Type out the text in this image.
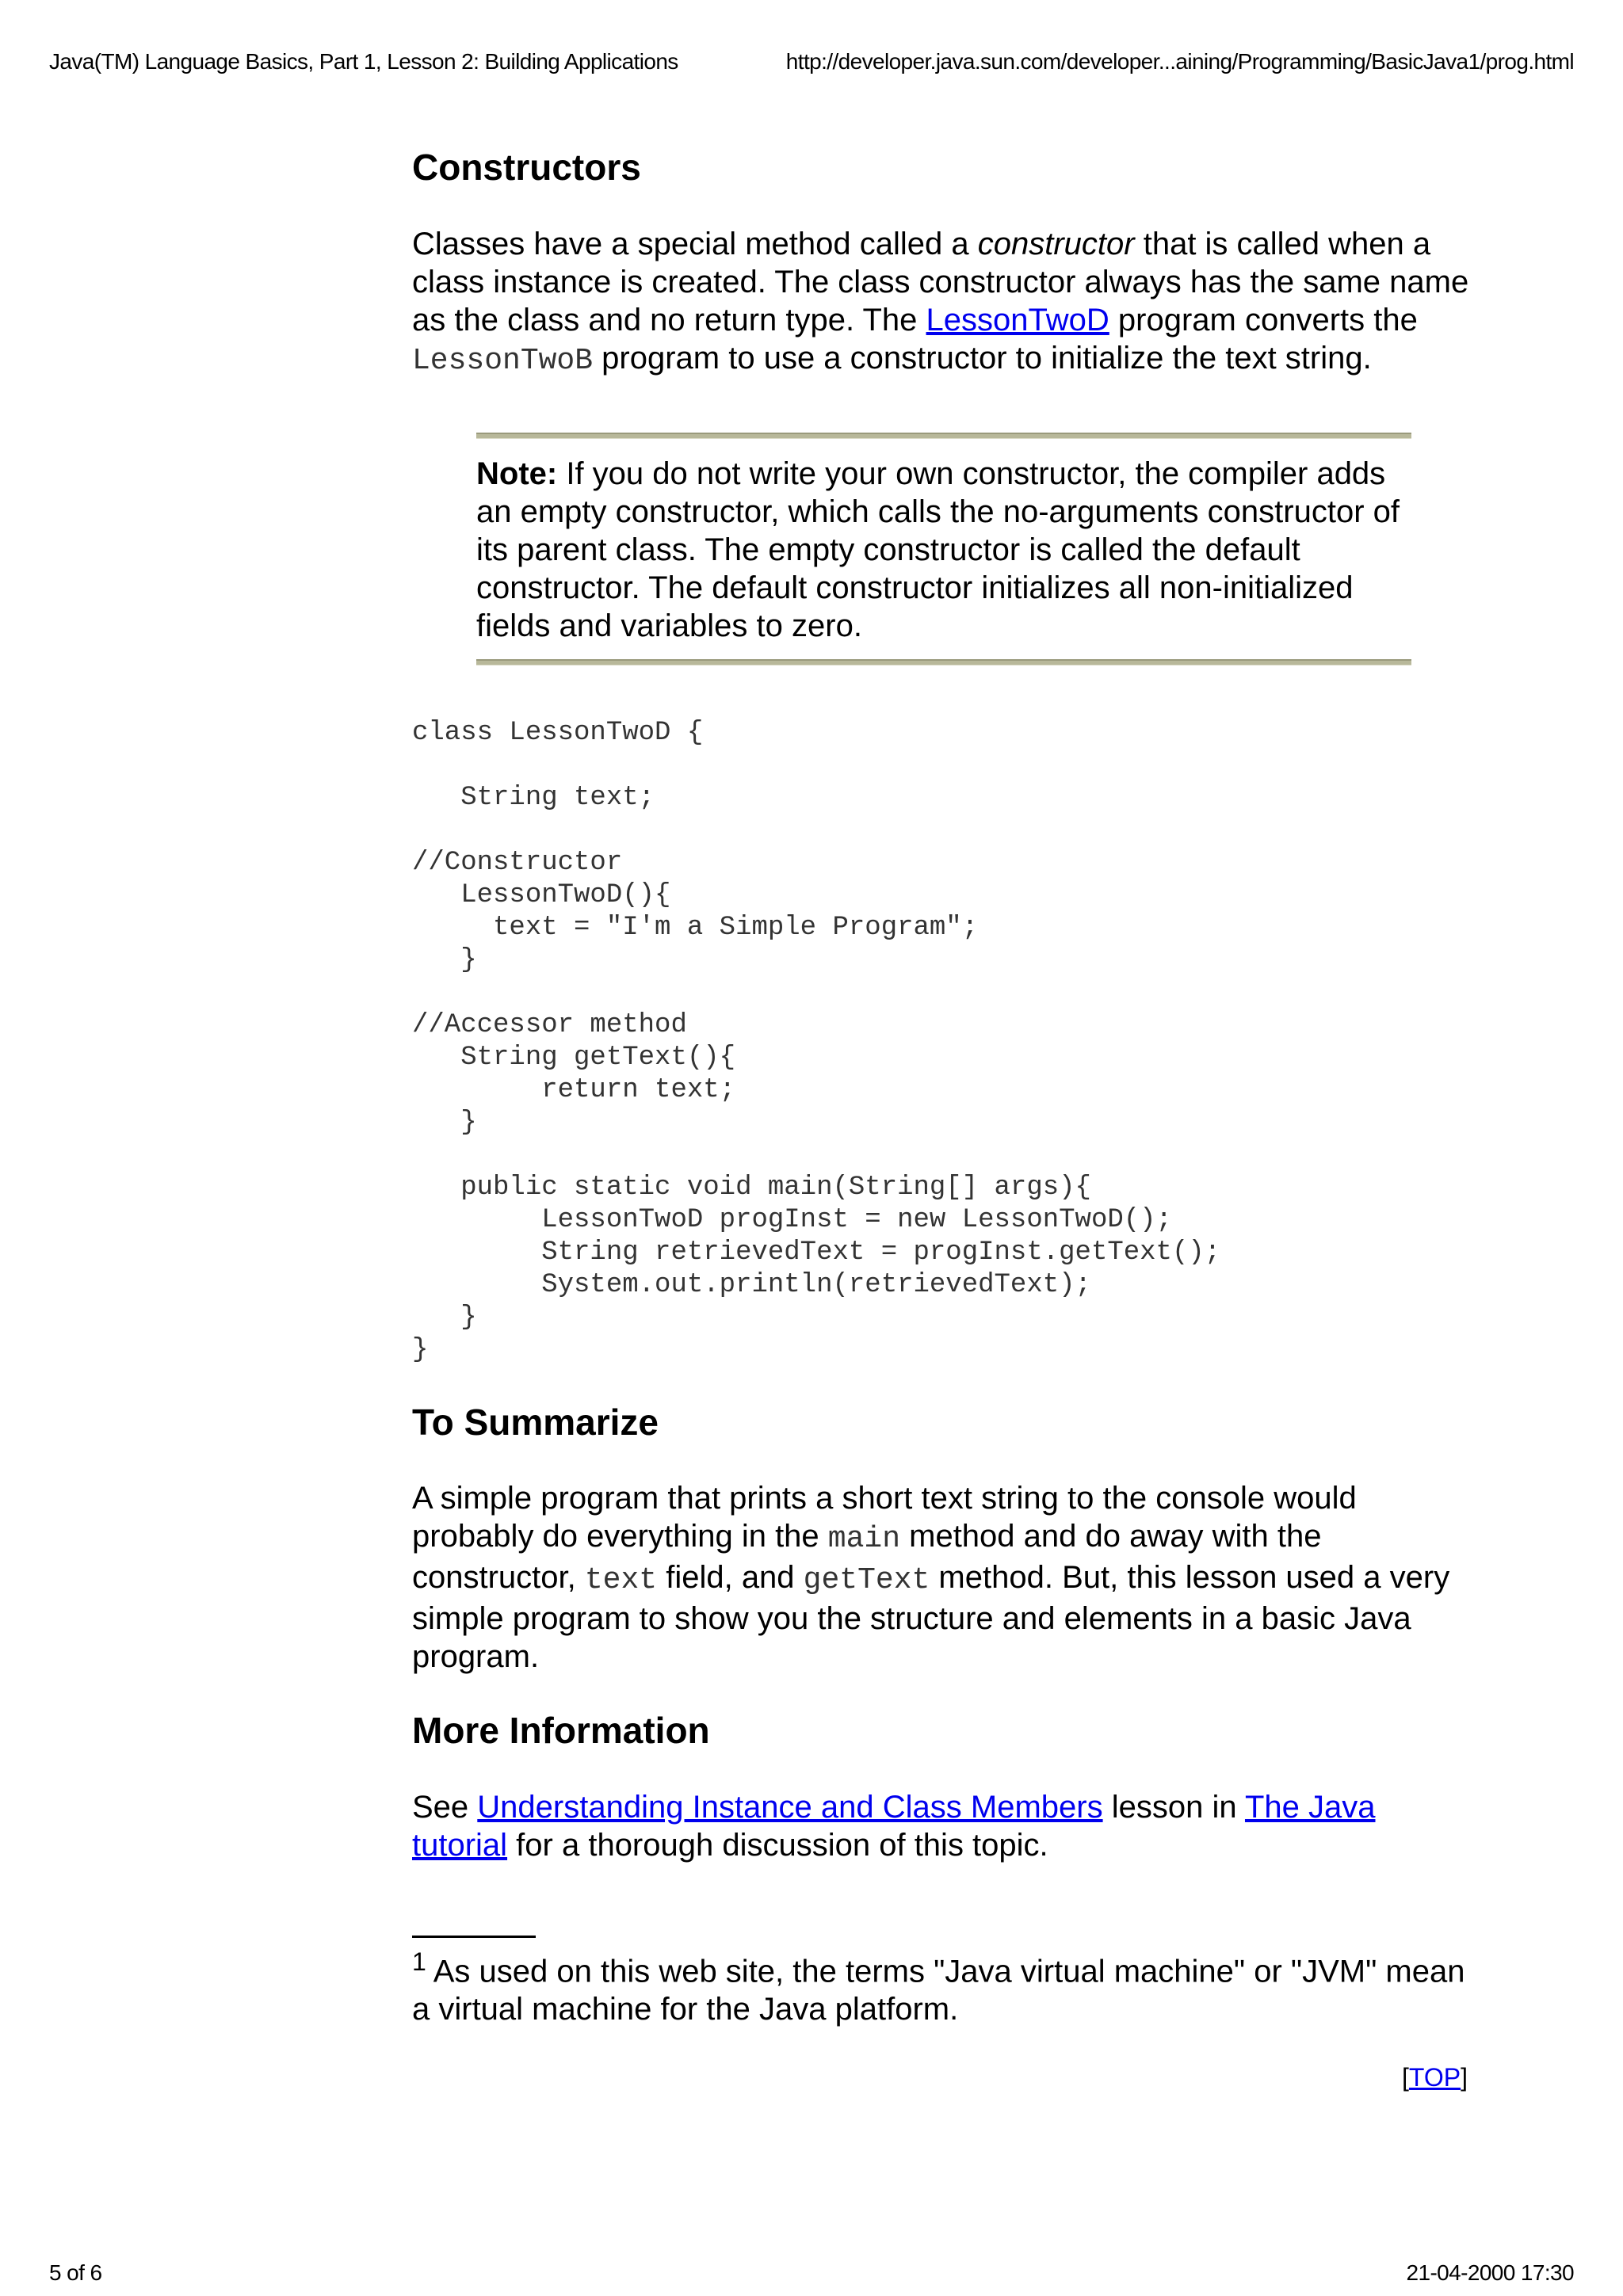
Java(TM) Language Basics, Part 1, Lesson 2: Building Applications	http://developer.java.sun.com/developer...aining/Programming/BasicJava1/prog.html
Constructors

Classes have a special method called a constructor that is called when a class instance is created. The class constructor always has the same name as the class and no return type. The LessonTwoD program converts the LessonTwoB program to use a constructor to initialize the text string.

Note: If you do not write your own constructor, the compiler adds an empty constructor, which calls the no-arguments constructor of its parent class. The empty constructor is called the default constructor. The default constructor initializes all non-initialized fields and variables to zero.
class LessonTwoD {

String text;

//Constructor
LessonTwoD(){
text = "I'm a Simple Program";
}

//Accessor method
String getText(){
return text;
}

public static void main(String[] args){
LessonTwoD progInst = new LessonTwoD();
String retrievedText = progInst.getText();
System.out.println(retrievedText);
}
}
To Summarize

A simple program that prints a short text string to the console would probably do everything in the main method and do away with the constructor, text field, and getText method. But, this lesson used a very simple program to show you the structure and elements in a basic Java program.

More Information

See Understanding Instance and Class Members lesson in The Java tutorial for a thorough discussion of this topic.

$^1$ As used on this web site, the terms "Java virtual machine" or "JVM" mean a virtual machine for the Java platform.

[TOP]
5 of 6	21-04-2000 17:30
